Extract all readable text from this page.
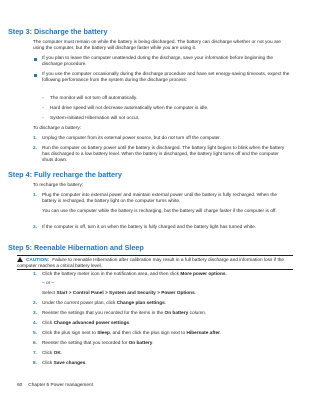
Step 3: Discharge the battery

The computer must remain on while the battery is being discharged. The battery can discharge whether or not you are using the computer, but the battery will discharge faster while you are using it.

If you plan to leave the computer unattended during the discharge, save your information before beginning the discharge procedure.
If you use the computer occasionally during the discharge procedure and have set energy-saving timeouts, expect the following performance from the system during the discharge process:
◦	The monitor will not turn off automatically.
◦	Hard drive speed will not decrease automatically when the computer is idle.
◦	System-initiated Hibernation will not occur.

To discharge a battery:

1.	Unplug the computer from its external power source, but do not turn off the computer.
2.	Run the computer on battery power until the battery is discharged. The battery light begins to blink when the battery has discharged to a low battery level. When the battery is discharged, the battery light turns off and the computer shuts down.
Step 4: Fully recharge the battery

To recharge the battery:

1.	Plug the computer into external power and maintain external power until the battery is fully recharged. When the battery is recharged, the battery light on the computer turns white.
You can use the computer while the battery is recharging, but the battery will charge faster if the computer is off.
2.	If the computer is off, turn it on when the battery is fully charged and the battery light has turned white.
Step 5: Reenable Hibernation and Sleep
CAUTION: Failure to reenable Hibernation after calibration may result in a full battery discharge and information loss if the computer reaches a critical battery level.
1.	Click the battery meter icon in the notification area, and then click More power options.
– or –
Select Start > Control Panel > System and Security > Power Options.
2.	Under the current power plan, click Change plan settings.
3.	Reenter the settings that you recorded for the items in the On battery column.
4.	Click Change advanced power settings.
5.	Click the plus sign next to Sleep, and then click the plus sign next to Hibernate after.
6.	Reenter the setting that you recorded for On battery.
7.	Click OK.
8.	Click Save changes.
60 Chapter 5 Power management
